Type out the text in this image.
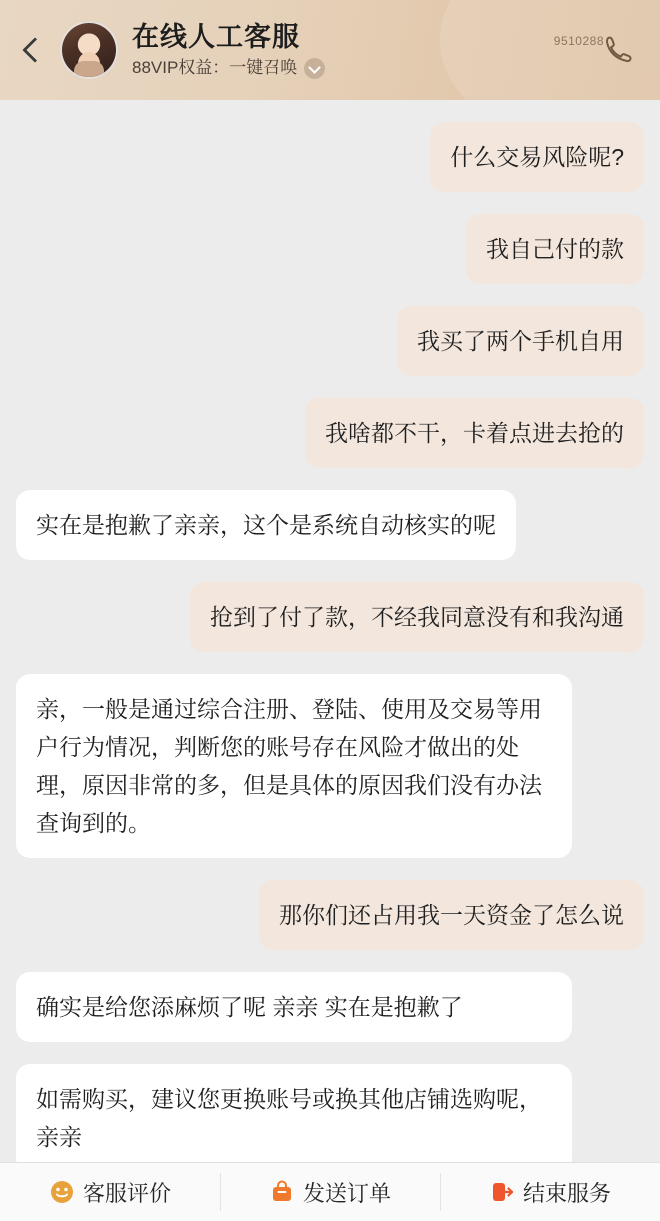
在线人工客服
88VIP权益：一键召唤
9510288
什么交易风险呢?
我自己付的款
我买了两个手机自用
我啥都不干，卡着点进去抢的
实在是抱歉了亲亲，这个是系统自动核实的呢
抢到了付了款，不经我同意没有和我沟通
亲，一般是通过综合注册、登陆、使用及交易等用户行为情况，判断您的账号存在风险才做出的处理，原因非常的多，但是具体的原因我们没有办法查询到的。
那你们还占用我一天资金了怎么说
确实是给您添麻烦了呢 亲亲 实在是抱歉了
如需购买，建议您更换账号或换其他店铺选购呢，亲亲
客服评价	发送订单	结束服务
